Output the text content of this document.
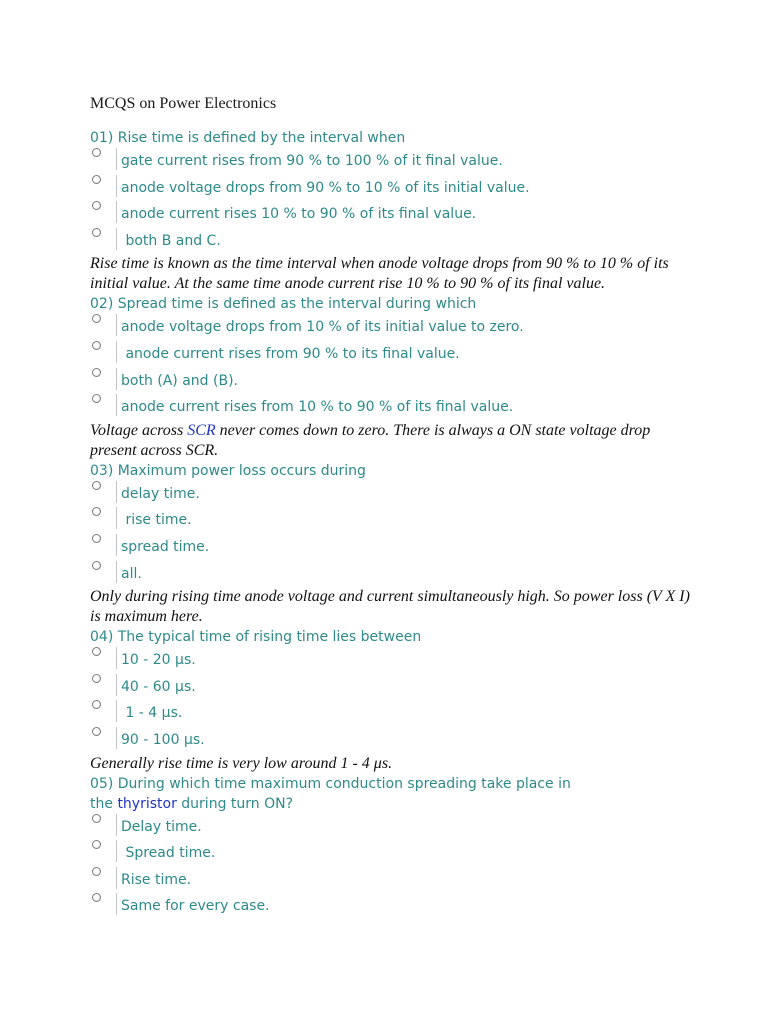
MCQS on Power Electronics
01) Rise time is defined by the interval when
gate current rises from 90 % to 100 % of it final value.
anode voltage drops from 90 % to 10 % of its initial value.
anode current rises 10 % to 90 % of its final value.
both B and C.
Rise time is known as the time interval when anode voltage drops from 90 % to 10 % of its initial value. At the same time anode current rise 10 % to 90 % of its final value.
02) Spread time is defined as the interval during which
anode voltage drops from 10 % of its initial value to zero.
anode current rises from 90 % to its final value.
both (A) and (B).
anode current rises from 10 % to 90 % of its final value.
Voltage across SCR never comes down to zero. There is always a ON state voltage drop present across SCR.
03) Maximum power loss occurs during
delay time.
rise time.
spread time.
all.
Only during rising time anode voltage and current simultaneously high. So power loss (V X I) is maximum here.
04) The typical time of rising time lies between
10 - 20 μs.
40 - 60 μs.
1 - 4 μs.
90 - 100 μs.
Generally rise time is very low around 1 - 4 μs.
05) During which time maximum conduction spreading take place in
the thyristor during turn ON?
Delay time.
Spread time.
Rise time.
Same for every case.
